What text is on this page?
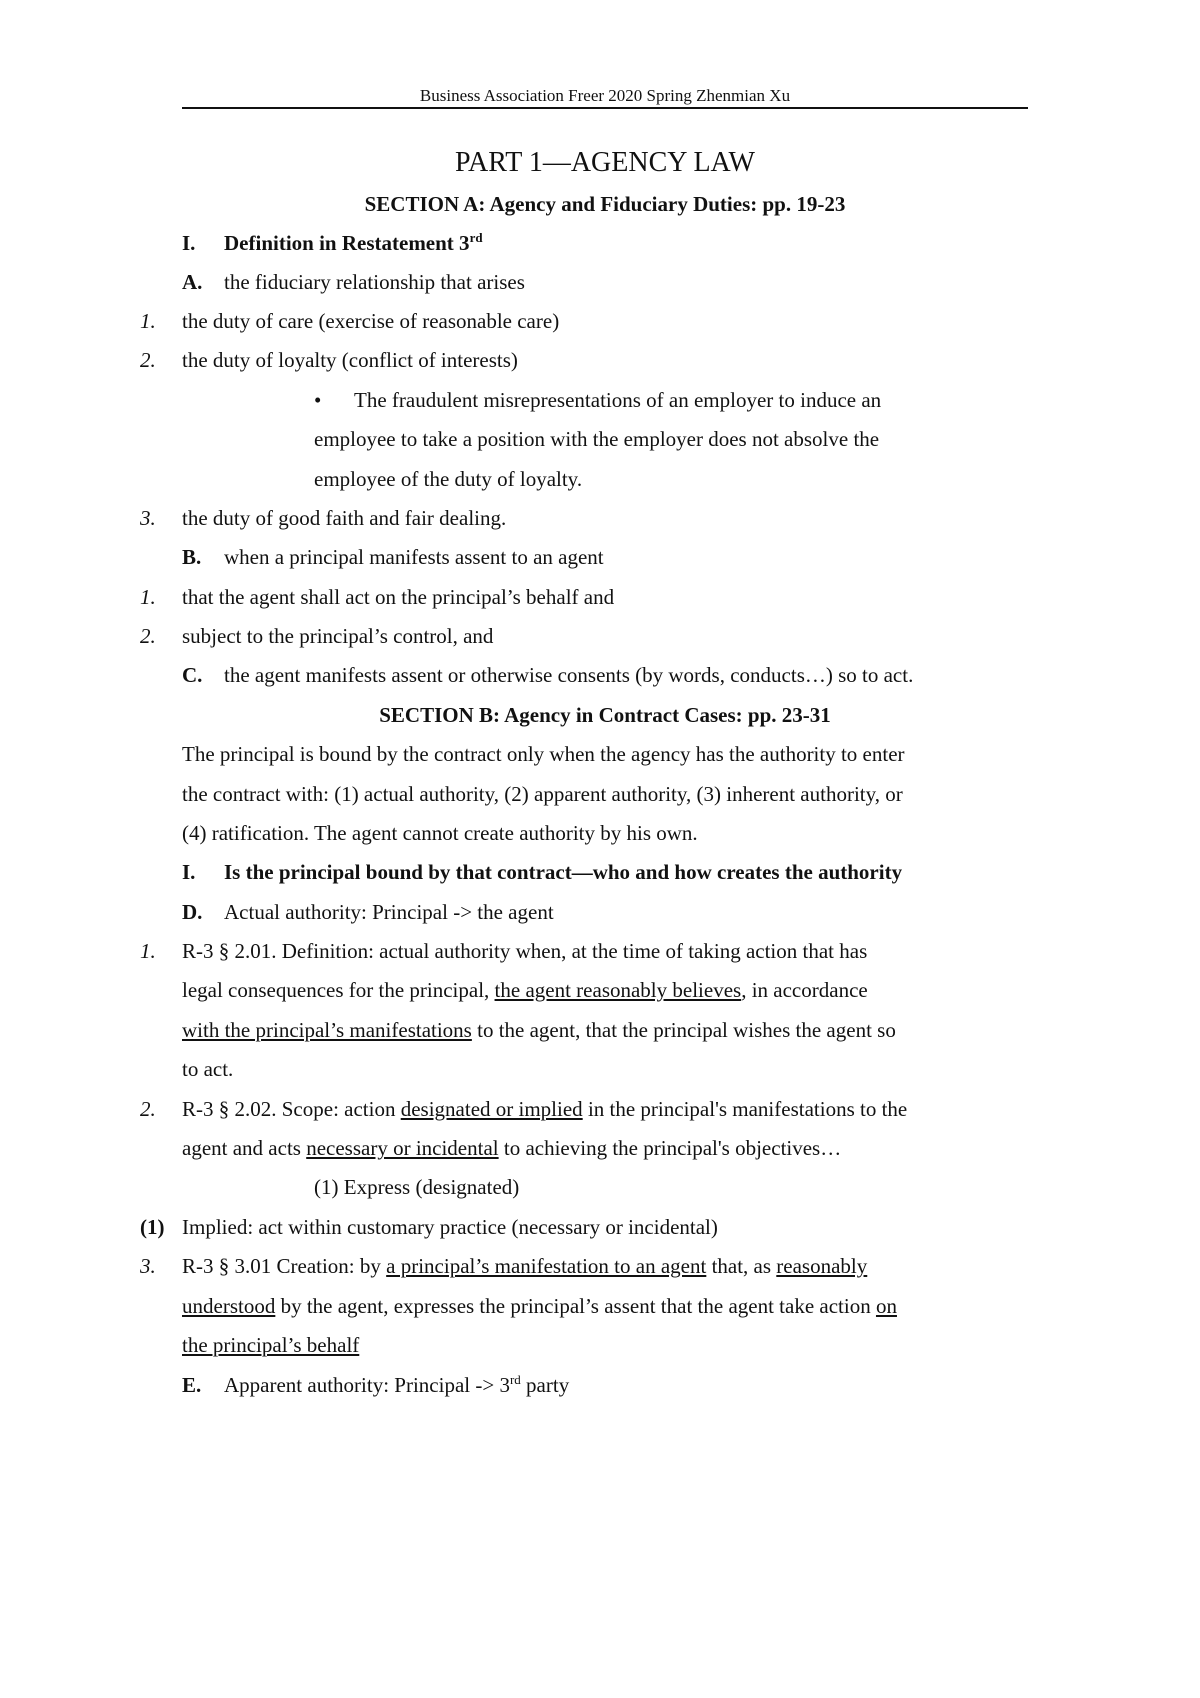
Business Association Freer 2020 Spring Zhenmian Xu
PART 1—AGENCY LAW
SECTION A: Agency and Fiduciary Duties: pp. 19-23
I. Definition in Restatement 3rd
A. the fiduciary relationship that arises
1. the duty of care (exercise of reasonable care)
2. the duty of loyalty (conflict of interests)
• The fraudulent misrepresentations of an employer to induce an
employee to take a position with the employer does not absolve the
employee of the duty of loyalty.
3. the duty of good faith and fair dealing.
B. when a principal manifests assent to an agent
1. that the agent shall act on the principal’s behalf and
2. subject to the principal’s control, and
C. the agent manifests assent or otherwise consents (by words, conducts…) so to act.
SECTION B: Agency in Contract Cases: pp. 23-31
The principal is bound by the contract only when the agency has the authority to enter
the contract with: (1) actual authority, (2) apparent authority, (3) inherent authority, or
(4) ratification. The agent cannot create authority by his own.
I. Is the principal bound by that contract—who and how creates the authority
D. Actual authority: Principal -> the agent
1. R-3 § 2.01. Definition: actual authority when, at the time of taking action that has
legal consequences for the principal, the agent reasonably believes, in accordance
with the principal’s manifestations to the agent, that the principal wishes the agent so
to act.
2. R-3 § 2.02. Scope: action designated or implied in the principal's manifestations to the
agent and acts necessary or incidental to achieving the principal's objectives…
(1) Express (designated)
(1) Implied: act within customary practice (necessary or incidental)
3. R-3 § 3.01 Creation: by a principal’s manifestation to an agent that, as reasonably
understood by the agent, expresses the principal’s assent that the agent take action on
the principal’s behalf
E. Apparent authority: Principal -> 3rd party
